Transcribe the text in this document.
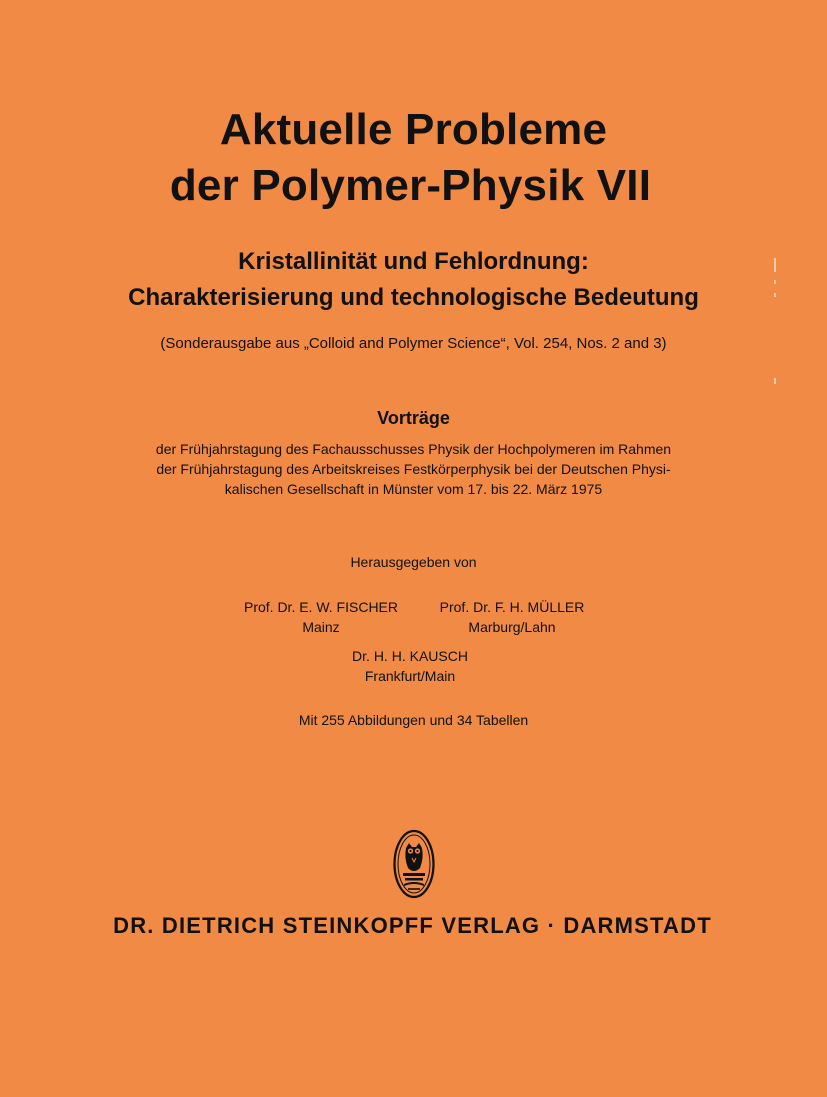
Aktuelle Probleme
der Polymer-Physik VII
Kristallinität und Fehlordnung:
Charakterisierung und technologische Bedeutung
(Sonderausgabe aus „Colloid and Polymer Science“, Vol. 254, Nos. 2 and 3)
Vorträge
der Frühjahrstagung des Fachausschusses Physik der Hochpolymeren im Rahmen
der Frühjahrstagung des Arbeitskreises Festkörperphysik bei der Deutschen Physi-
kalischen Gesellschaft in Münster vom 17. bis 22. März 1975
Herausgegeben von
Prof. Dr. E. W. FISCHER
Mainz
Prof. Dr. F. H. MÜLLER
Marburg/Lahn
Dr. H. H. KAUSCH
Frankfurt/Main
Mit 255 Abbildungen und 34 Tabellen
DR. DIETRICH STEINKOPFF VERLAG · DARMSTADT
